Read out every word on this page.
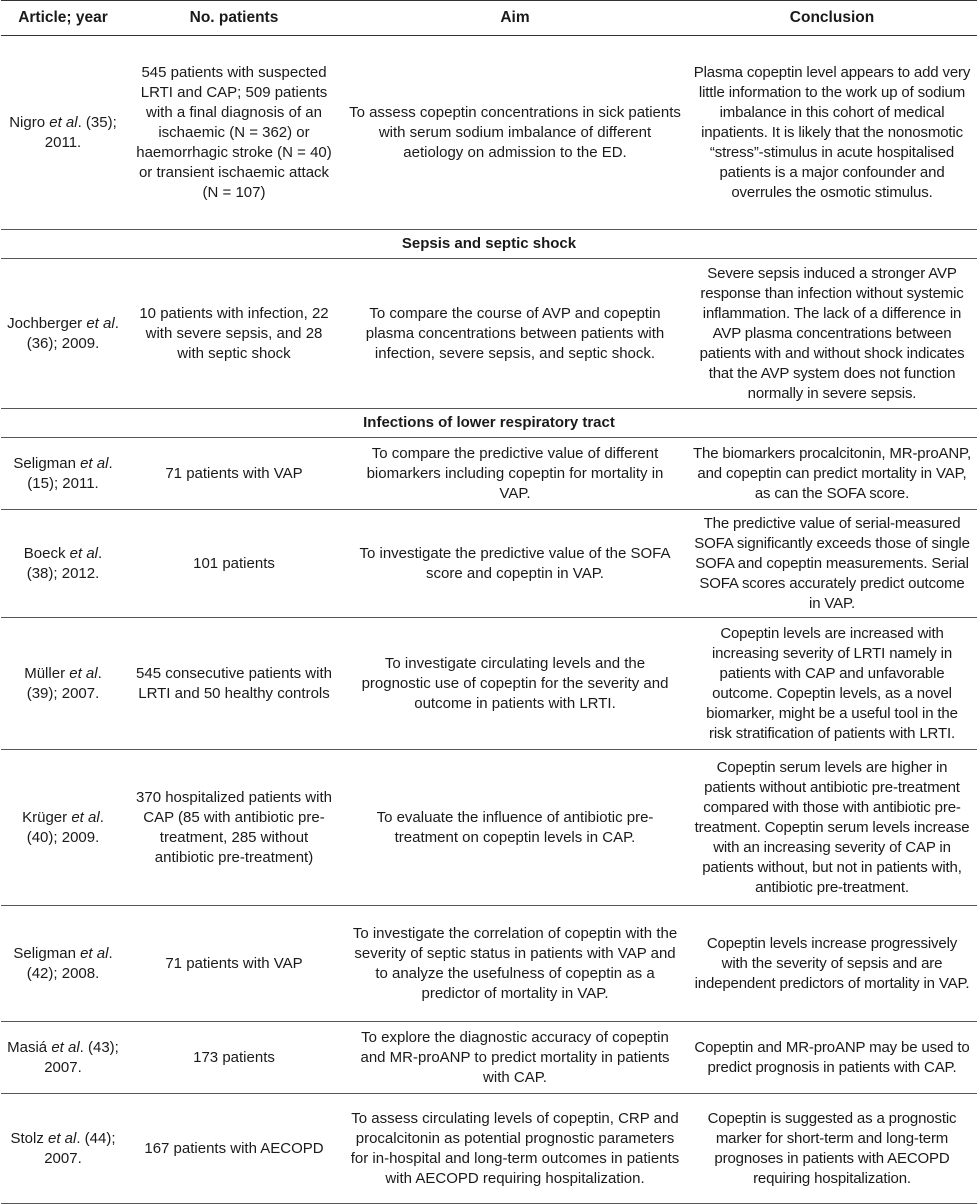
Article; year	No. patients	Aim	Conclusion
Nigro et al. (35); 2011.	545 patients with suspected LRTI and CAP; 509 patients with a final diagnosis of an ischaemic (N = 362) or haemorrhagic stroke (N = 40) or transient ischaemic attack (N = 107)	To assess copeptin concentrations in sick patients with serum sodium imbalance of different aetiology on admission to the ED.	Plasma copeptin level appears to add very little information to the work up of sodium imbalance in this cohort of medical inpatients. It is likely that the nonosmotic “stress”-stimulus in acute hospitalised patients is a major confounder and overrules the osmotic stimulus.
Sepsis and septic shock			
Jochberger et al. (36); 2009.	10 patients with infection, 22 with severe sepsis, and 28 with septic shock	To compare the course of AVP and copeptin plasma concentrations between patients with infection, severe sepsis, and septic shock.	Severe sepsis induced a stronger AVP response than infection without systemic inflammation. The lack of a difference in AVP plasma concentrations between patients with and without shock indicates that the AVP system does not function normally in severe sepsis.
Infections of lower respiratory tract			
Seligman et al. (15); 2011.	71 patients with VAP	To compare the predictive value of different biomarkers including copeptin for mortality in VAP.	The biomarkers procalcitonin, MR-proANP, and copeptin can predict mortality in VAP, as can the SOFA score.
Boeck et al. (38); 2012.	101 patients	To investigate the predictive value of the SOFA score and copeptin in VAP.	The predictive value of serial-measured SOFA significantly exceeds those of single SOFA and copeptin measurements. Serial SOFA scores accurately predict outcome in VAP.
Müller et al. (39); 2007.	545 consecutive patients with LRTI and 50 healthy controls	To investigate circulating levels and the prognostic use of copeptin for the severity and outcome in patients with LRTI.	Copeptin levels are increased with increasing severity of LRTI namely in patients with CAP and unfavorable outcome. Copeptin levels, as a novel biomarker, might be a useful tool in the risk stratification of patients with LRTI.
Krüger et al. (40); 2009.	370 hospitalized patients with CAP (85 with antibiotic pre-treatment, 285 without antibiotic pre-treatment)	To evaluate the influence of antibiotic pre-treatment on copeptin levels in CAP.	Copeptin serum levels are higher in patients without antibiotic pre-treatment compared with those with antibiotic pre-treatment. Copeptin serum levels increase with an increasing severity of CAP in patients without, but not in patients with, antibiotic pre-treatment.
Seligman et al. (42); 2008.	71 patients with VAP	To investigate the correlation of copeptin with the severity of septic status in patients with VAP and to analyze the usefulness of copeptin as a predictor of mortality in VAP.	Copeptin levels increase progressively with the severity of sepsis and are independent predictors of mortality in VAP.
Masiá et al. (43); 2007.	173 patients	To explore the diagnostic accuracy of copeptin and MR-proANP to predict mortality in patients with CAP.	Copeptin and MR-proANP may be used to predict prognosis in patients with CAP.
Stolz et al. (44); 2007.	167 patients with AECOPD	To assess circulating levels of copeptin, CRP and procalcitonin as potential prognostic parameters for in-hospital and long-term outcomes in patients with AECOPD requiring hospitalization.	Copeptin is suggested as a prognostic marker for short-term and long-term prognoses in patients with AECOPD requiring hospitalization.
